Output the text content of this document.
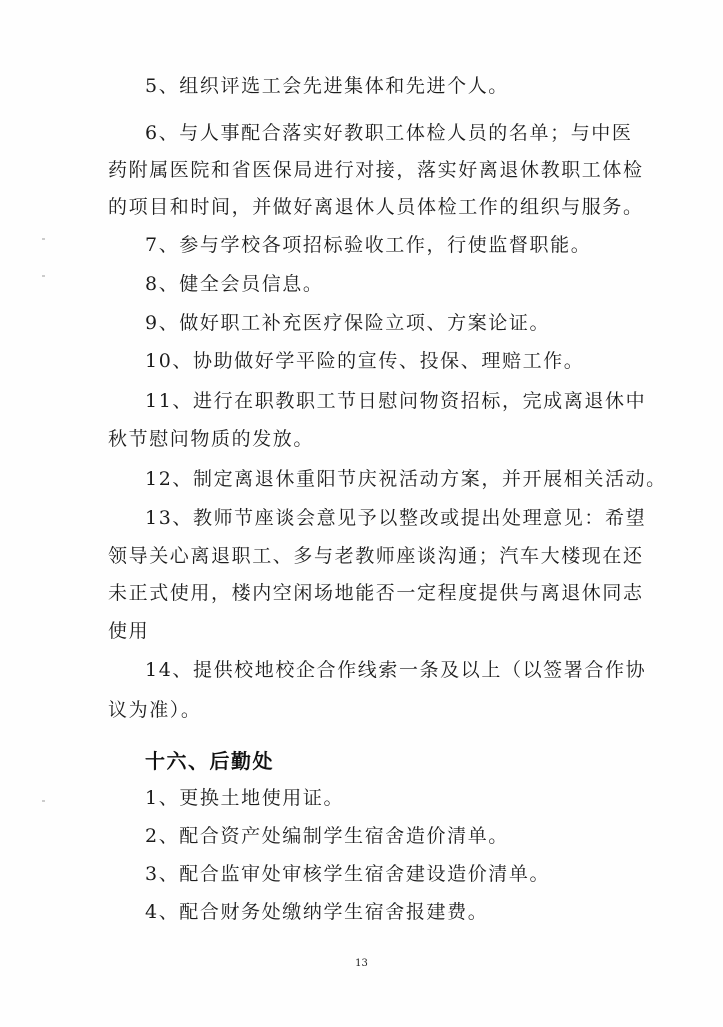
5、组织评选工会先进集体和先进个人。
6、与人事配合落实好教职工体检人员的名单；与中医
药附属医院和省医保局进行对接，落实好离退休教职工体检
的项目和时间，并做好离退休人员体检工作的组织与服务。
7、参与学校各项招标验收工作，行使监督职能。
8、健全会员信息。
9、做好职工补充医疗保险立项、方案论证。
10、协助做好学平险的宣传、投保、理赔工作。
11、进行在职教职工节日慰问物资招标，完成离退休中
秋节慰问物质的发放。
12、制定离退休重阳节庆祝活动方案，并开展相关活动。
13、教师节座谈会意见予以整改或提出处理意见：希望
领导关心离退职工、多与老教师座谈沟通；汽车大楼现在还
未正式使用，楼内空闲场地能否一定程度提供与离退休同志
使用
14、提供校地校企合作线索一条及以上（以签署合作协
议为准）。
十六、后勤处
1、更换土地使用证。
2、配合资产处编制学生宿舍造价清单。
3、配合监审处审核学生宿舍建设造价清单。
4、配合财务处缴纳学生宿舍报建费。
13
